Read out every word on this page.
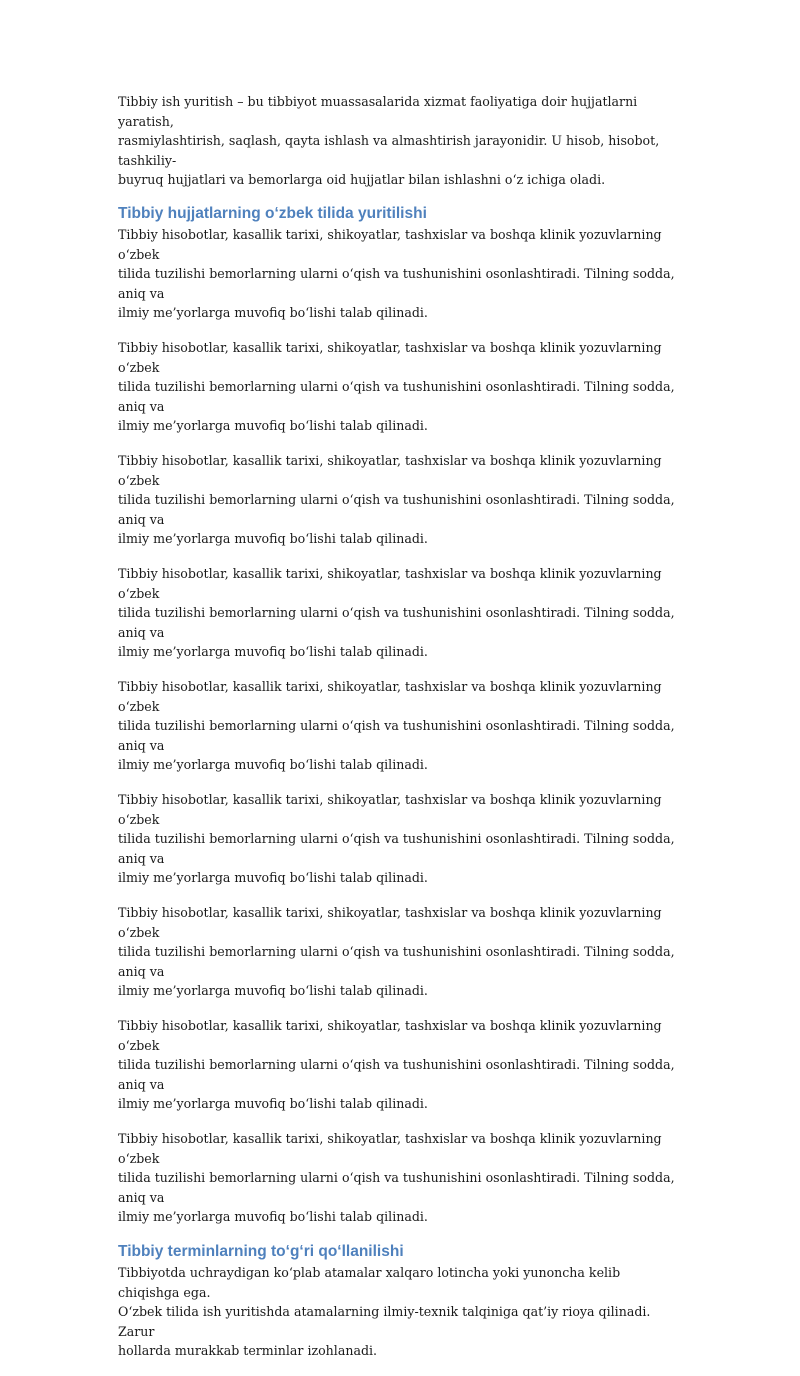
Tibbiy ish yuritish – bu tibbiyot muassasalarida xizmat faoliyatiga doir hujjatlarni yaratish,
rasmiylashtirish, saqlash, qayta ishlash va almashtirish jarayonidir. U hisob, hisobot, tashkiliy-
buyruq hujjatlari va bemorlarga oid hujjatlar bilan ishlashni o‘z ichiga oladi.

Tibbiy hujjatlarning o‘zbek tilida yuritilishi

Tibbiy hisobotlar, kasallik tarixi, shikoyatlar, tashxislar va boshqa klinik yozuvlarning o‘zbek
tilida tuzilishi bemorlarning ularni o‘qish va tushunishini osonlashtiradi. Tilning sodda, aniq va
ilmiy me’yorlarga muvofiq bo‘lishi talab qilinadi.

Tibbiy hisobotlar, kasallik tarixi, shikoyatlar, tashxislar va boshqa klinik yozuvlarning o‘zbek
tilida tuzilishi bemorlarning ularni o‘qish va tushunishini osonlashtiradi. Tilning sodda, aniq va
ilmiy me’yorlarga muvofiq bo‘lishi talab qilinadi.

Tibbiy hisobotlar, kasallik tarixi, shikoyatlar, tashxislar va boshqa klinik yozuvlarning o‘zbek
tilida tuzilishi bemorlarning ularni o‘qish va tushunishini osonlashtiradi. Tilning sodda, aniq va
ilmiy me’yorlarga muvofiq bo‘lishi talab qilinadi.

Tibbiy hisobotlar, kasallik tarixi, shikoyatlar, tashxislar va boshqa klinik yozuvlarning o‘zbek
tilida tuzilishi bemorlarning ularni o‘qish va tushunishini osonlashtiradi. Tilning sodda, aniq va
ilmiy me’yorlarga muvofiq bo‘lishi talab qilinadi.

Tibbiy hisobotlar, kasallik tarixi, shikoyatlar, tashxislar va boshqa klinik yozuvlarning o‘zbek
tilida tuzilishi bemorlarning ularni o‘qish va tushunishini osonlashtiradi. Tilning sodda, aniq va
ilmiy me’yorlarga muvofiq bo‘lishi talab qilinadi.

Tibbiy hisobotlar, kasallik tarixi, shikoyatlar, tashxislar va boshqa klinik yozuvlarning o‘zbek
tilida tuzilishi bemorlarning ularni o‘qish va tushunishini osonlashtiradi. Tilning sodda, aniq va
ilmiy me’yorlarga muvofiq bo‘lishi talab qilinadi.

Tibbiy hisobotlar, kasallik tarixi, shikoyatlar, tashxislar va boshqa klinik yozuvlarning o‘zbek
tilida tuzilishi bemorlarning ularni o‘qish va tushunishini osonlashtiradi. Tilning sodda, aniq va
ilmiy me’yorlarga muvofiq bo‘lishi talab qilinadi.

Tibbiy hisobotlar, kasallik tarixi, shikoyatlar, tashxislar va boshqa klinik yozuvlarning o‘zbek
tilida tuzilishi bemorlarning ularni o‘qish va tushunishini osonlashtiradi. Tilning sodda, aniq va
ilmiy me’yorlarga muvofiq bo‘lishi talab qilinadi.

Tibbiy hisobotlar, kasallik tarixi, shikoyatlar, tashxislar va boshqa klinik yozuvlarning o‘zbek
tilida tuzilishi bemorlarning ularni o‘qish va tushunishini osonlashtiradi. Tilning sodda, aniq va
ilmiy me’yorlarga muvofiq bo‘lishi talab qilinadi.

Tibbiy terminlarning to‘g‘ri qo‘llanilishi

Tibbiyotda uchraydigan ko‘plab atamalar xalqaro lotincha yoki yunoncha kelib chiqishga ega.
O‘zbek tilida ish yuritishda atamalarning ilmiy-texnik talqiniga qat’iy rioya qilinadi. Zarur
hollarda murakkab terminlar izohlanadi.
